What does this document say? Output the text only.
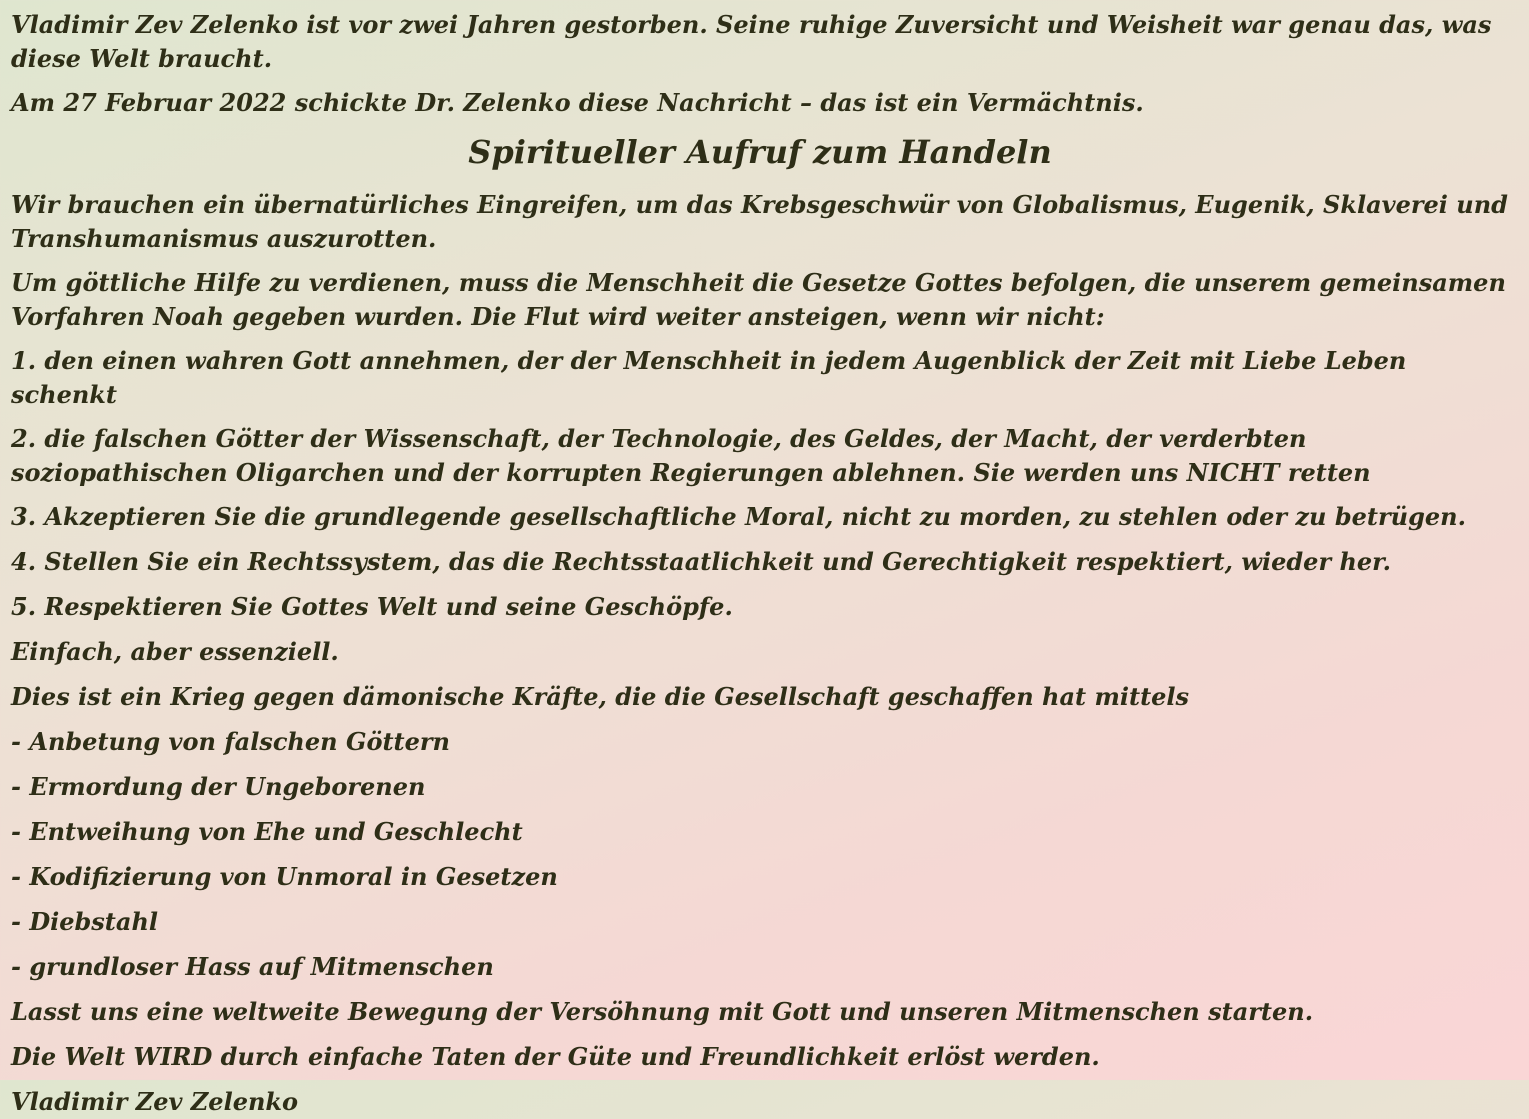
Vladimir Zev Zelenko ist vor zwei Jahren gestorben. Seine ruhige Zuversicht und Weisheit war genau das, was diese Welt braucht.

Am 27 Februar 2022 schickte Dr. Zelenko diese Nachricht – das ist ein Vermächtnis.

Spiritueller Aufruf zum Handeln

Wir brauchen ein übernatürliches Eingreifen, um das Krebsgeschwür von Globalismus, Eugenik, Sklaverei und Transhumanismus auszurotten.

Um göttliche Hilfe zu verdienen, muss die Menschheit die Gesetze Gottes befolgen, die unserem gemeinsamen Vorfahren Noah gegeben wurden. Die Flut wird weiter ansteigen, wenn wir nicht:

1. den einen wahren Gott annehmen, der der Menschheit in jedem Augenblick der Zeit mit Liebe Leben schenkt

2. die falschen Götter der Wissenschaft, der Technologie, des Geldes, der Macht, der verderbten soziopathischen Oligarchen und der korrupten Regierungen ablehnen. Sie werden uns NICHT retten

3. Akzeptieren Sie die grundlegende gesellschaftliche Moral, nicht zu morden, zu stehlen oder zu betrügen.

4. Stellen Sie ein Rechtssystem, das die Rechtsstaatlichkeit und Gerechtigkeit respektiert, wieder her.

5. Respektieren Sie Gottes Welt und seine Geschöpfe.

Einfach, aber essenziell.

Dies ist ein Krieg gegen dämonische Kräfte, die die Gesellschaft geschaffen hat mittels

- Anbetung von falschen Göttern

- Ermordung der Ungeborenen

- Entweihung von Ehe und Geschlecht

- Kodifizierung von Unmoral in Gesetzen

- Diebstahl

- grundloser Hass auf Mitmenschen

Lasst uns eine weltweite Bewegung der Versöhnung mit Gott und unseren Mitmenschen starten.

Die Welt WIRD durch einfache Taten der Güte und Freundlichkeit erlöst werden.

Vladimir Zev Zelenko
